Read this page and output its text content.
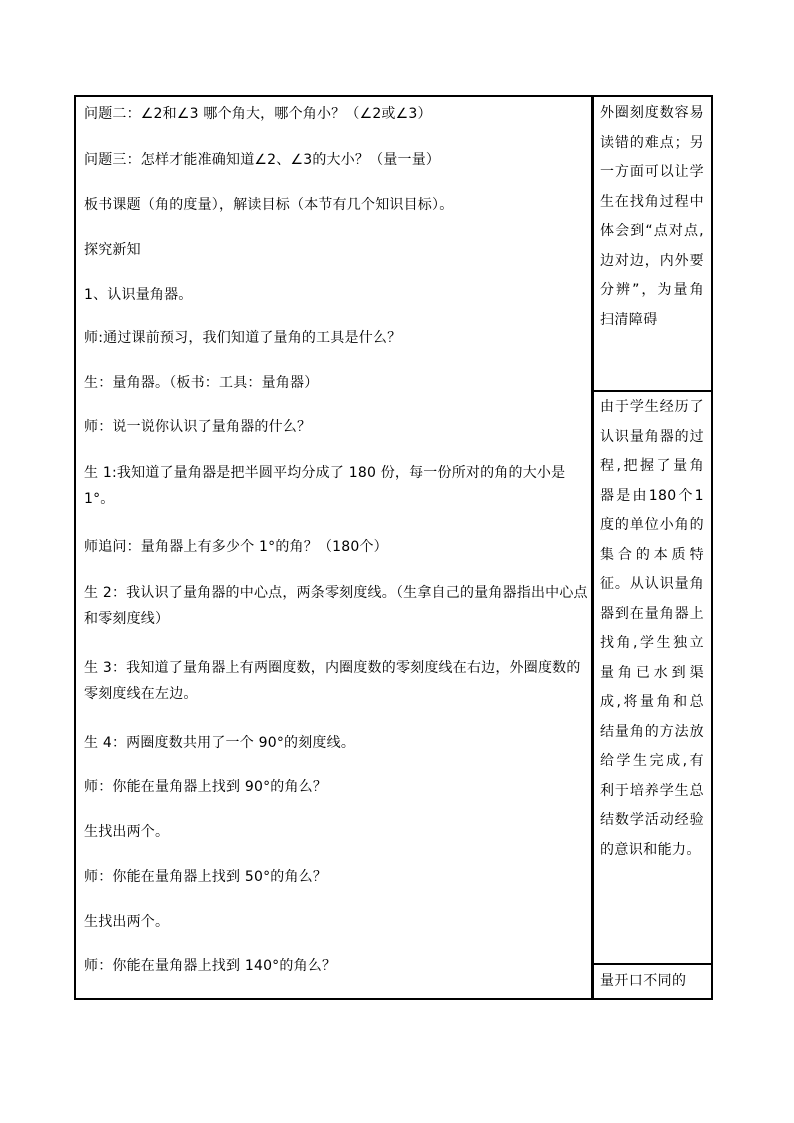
问题二：∠2和∠3 哪个角大，哪个角小？（∠2或∠3）
问题三：怎样才能准确知道∠2、∠3的大小？（量一量）
板书课题（角的度量），解读目标（本节有几个知识目标）。
探究新知
1、认识量角器。
师:通过课前预习，我们知道了量角的工具是什么？
生：量角器。（板书：工具：量角器）
师：说一说你认识了量角器的什么？
生 1:我知道了量角器是把半圆平均分成了 180 份，每一份所对的角的大小是 1°。
师追问：量角器上有多少个 1°的角？（180个）
生 2：我认识了量角器的中心点，两条零刻度线。（生拿自己的量角器指出中心点和零刻度线）
生 3：我知道了量角器上有两圈度数，内圈度数的零刻度线在右边，外圈度数的零刻度线在左边。
生 4：两圈度数共用了一个 90°的刻度线。
师：你能在量角器上找到 90°的角么？
生找出两个。
师：你能在量角器上找到 50°的角么？
生找出两个。
师：你能在量角器上找到 140°的角么？
外圈刻度数容易读错的难点；另一方面可以让学生在找角过程中体会到“点对点,边对边，内外要分辨”，为量角扫清障碍
由于学生经历了认识量角器的过程,把握了量角器是由180个1度的单位小角的集合的本质特征。从认识量角器到在量角器上找角,学生独立量角已水到渠成,将量角和总结量角的方法放给学生完成,有利于培养学生总结数学活动经验的意识和能力。
量开口不同的
